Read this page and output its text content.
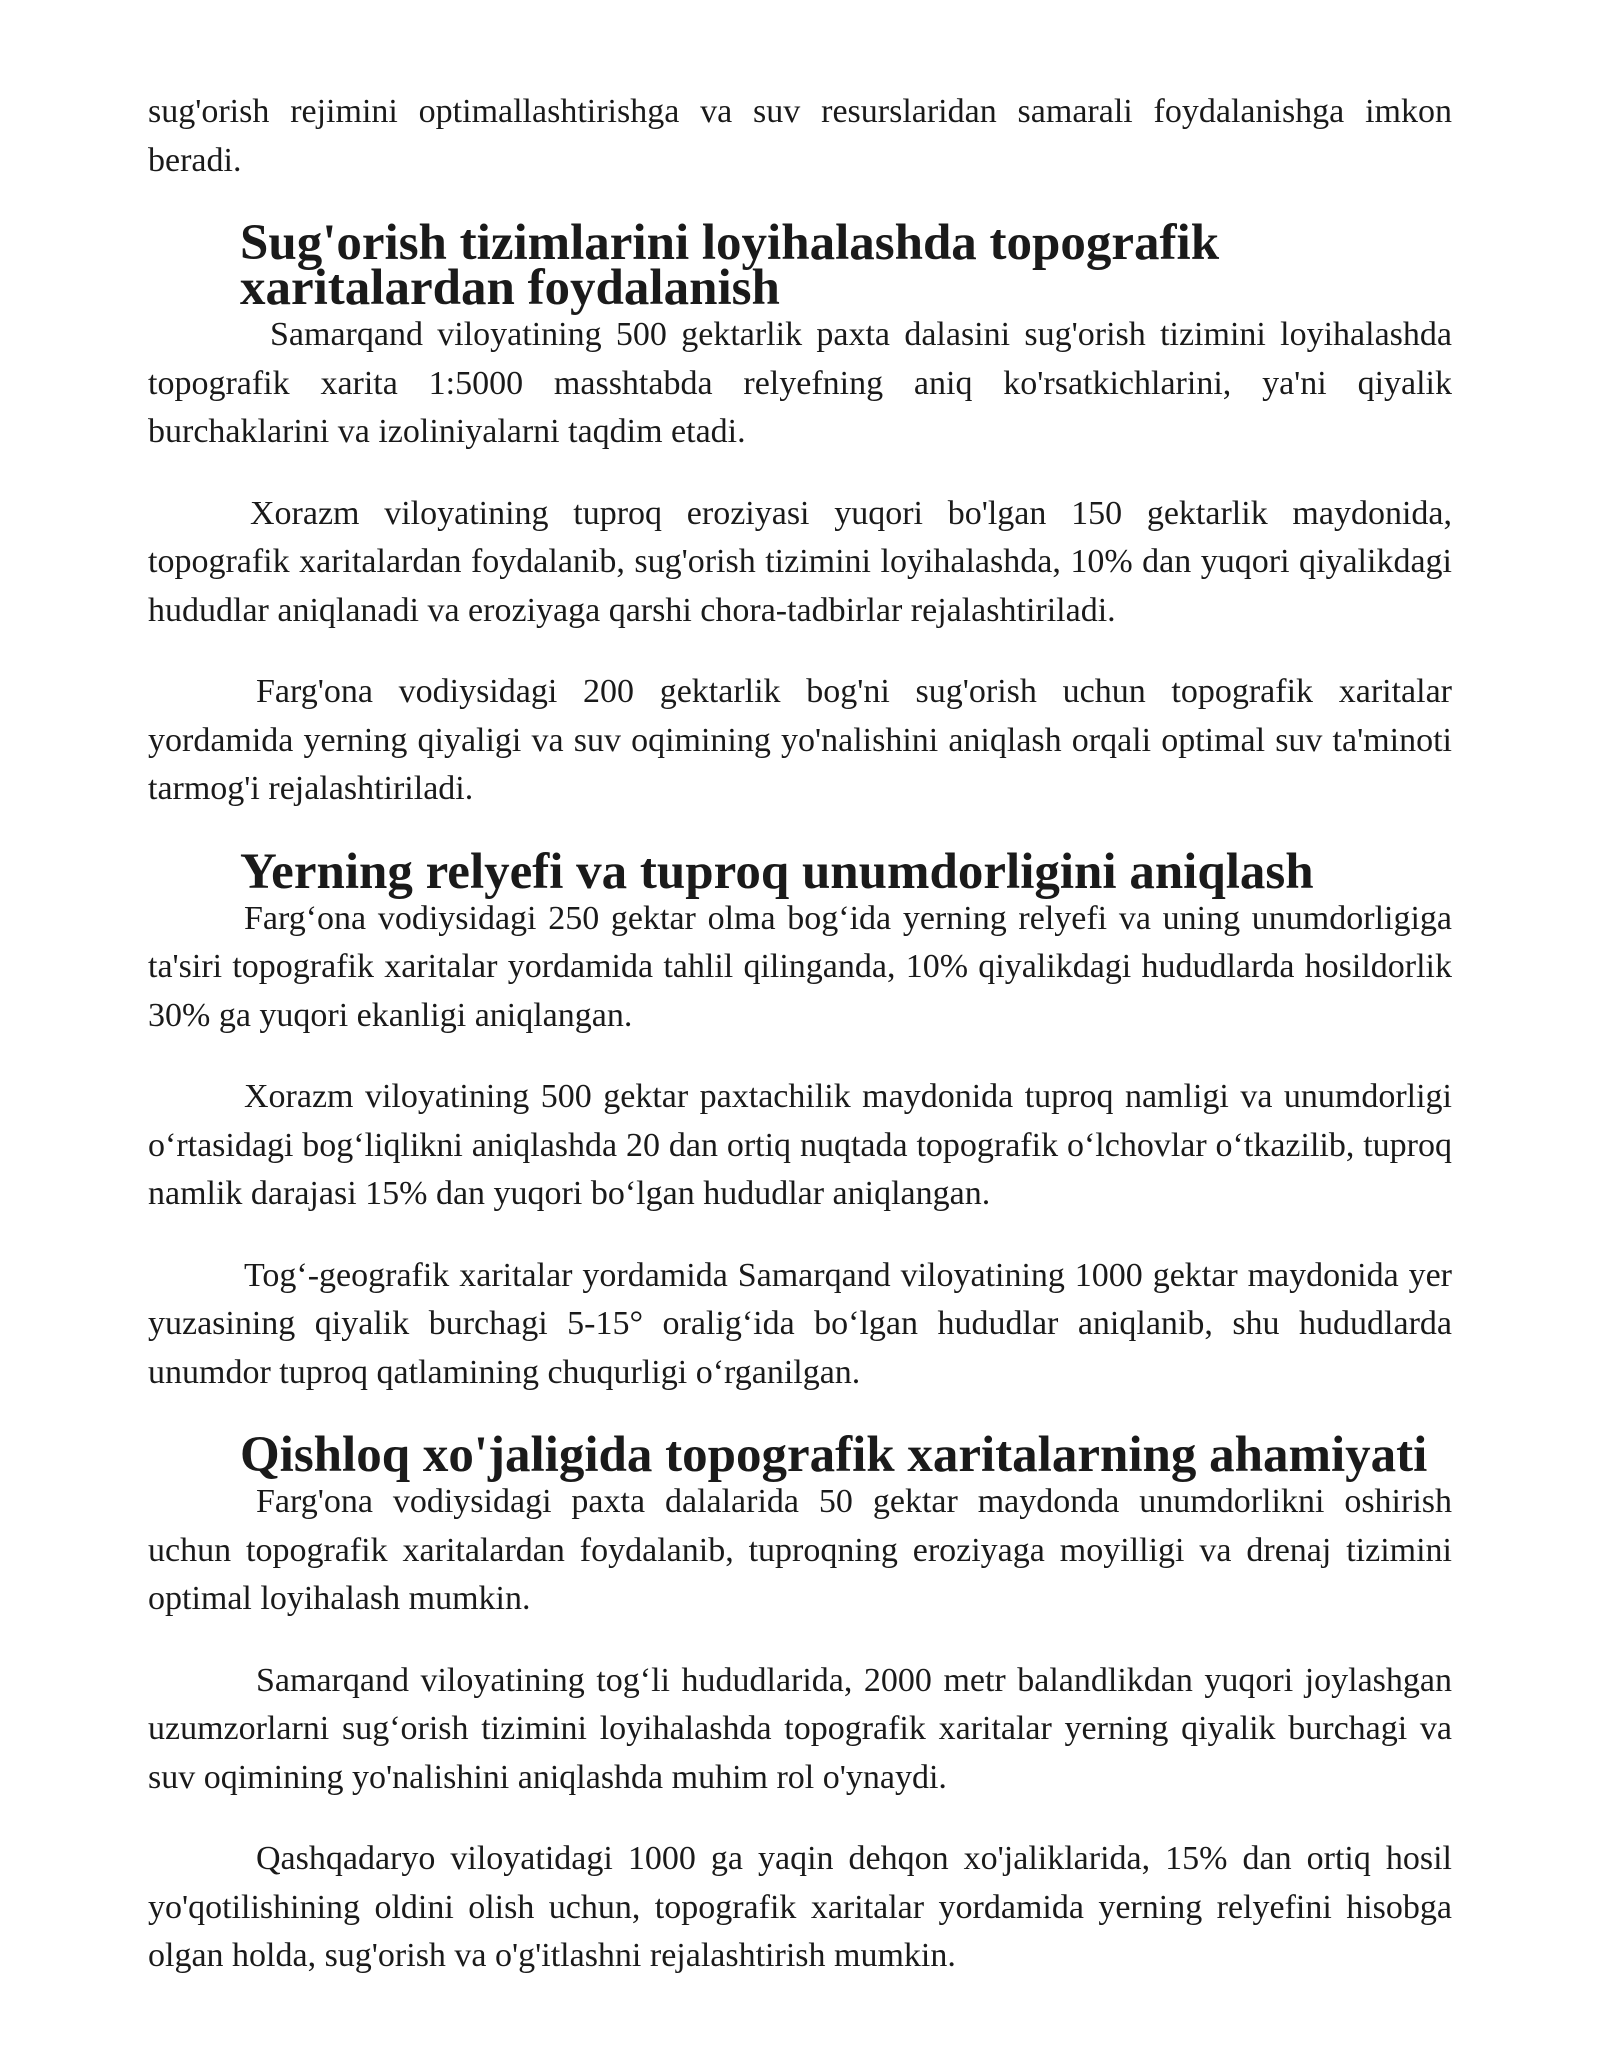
sug'orish rejimini optimallashtirishga va suv resurslaridan samarali foydalanishga imkon beradi.

Sug'orish tizimlarini loyihalashda topografik xaritalardan foydalanish

Samarqand viloyatining 500 gektarlik paxta dalasini sug'orish tizimini loyihalashda topografik xarita 1:5000 masshtabda relyefning aniq ko'rsatkichlarini, ya'ni qiyalik burchaklarini va izoliniyalarni taqdim etadi.

Xorazm viloyatining tuproq eroziyasi yuqori bo'lgan 150 gektarlik maydonida, topografik xaritalardan foydalanib, sug'orish tizimini loyihalashda, 10% dan yuqori qiyalikdagi hududlar aniqlanadi va eroziyaga qarshi chora-tadbirlar rejalashtiriladi.

Farg'ona vodiysidagi 200 gektarlik bog'ni sug'orish uchun topografik xaritalar yordamida yerning qiyaligi va suv oqimining yo'nalishini aniqlash orqali optimal suv ta'minoti tarmog'i rejalashtiriladi.

Yerning relyefi va tuproq unumdorligini aniqlash

Farg‘ona vodiysidagi 250 gektar olma bog‘ida yerning relyefi va uning unumdorligiga ta'siri topografik xaritalar yordamida tahlil qilinganda, 10% qiyalikdagi hududlarda hosildorlik 30% ga yuqori ekanligi aniqlangan.

Xorazm viloyatining 500 gektar paxtachilik maydonida tuproq namligi va unumdorligi o‘rtasidagi bog‘liqlikni aniqlashda 20 dan ortiq nuqtada topografik o‘lchovlar o‘tkazilib, tuproq namlik darajasi 15% dan yuqori bo‘lgan hududlar aniqlangan.

Tog‘-geografik xaritalar yordamida Samarqand viloyatining 1000 gektar maydonida yer yuzasining qiyalik burchagi 5-15° oralig‘ida bo‘lgan hududlar aniqlanib, shu hududlarda unumdor tuproq qatlamining chuqurligi o‘rganilgan.

Qishloq xo'jaligida topografik xaritalarning ahamiyati

Farg'ona vodiysidagi paxta dalalarida 50 gektar maydonda unumdorlikni oshirish uchun topografik xaritalardan foydalanib, tuproqning eroziyaga moyilligi va drenaj tizimini optimal loyihalash mumkin.

Samarqand viloyatining tog‘li hududlarida, 2000 metr balandlikdan yuqori joylashgan uzumzorlarni sug‘orish tizimini loyihalashda topografik xaritalar yerning qiyalik burchagi va suv oqimining yo'nalishini aniqlashda muhim rol o'ynaydi.

Qashqadaryo viloyatidagi 1000 ga yaqin dehqon xo'jaliklarida, 15% dan ortiq hosil yo'qotilishining oldini olish uchun, topografik xaritalar yordamida yerning relyefini hisobga olgan holda, sug'orish va o'g'itlashni rejalashtirish mumkin.
